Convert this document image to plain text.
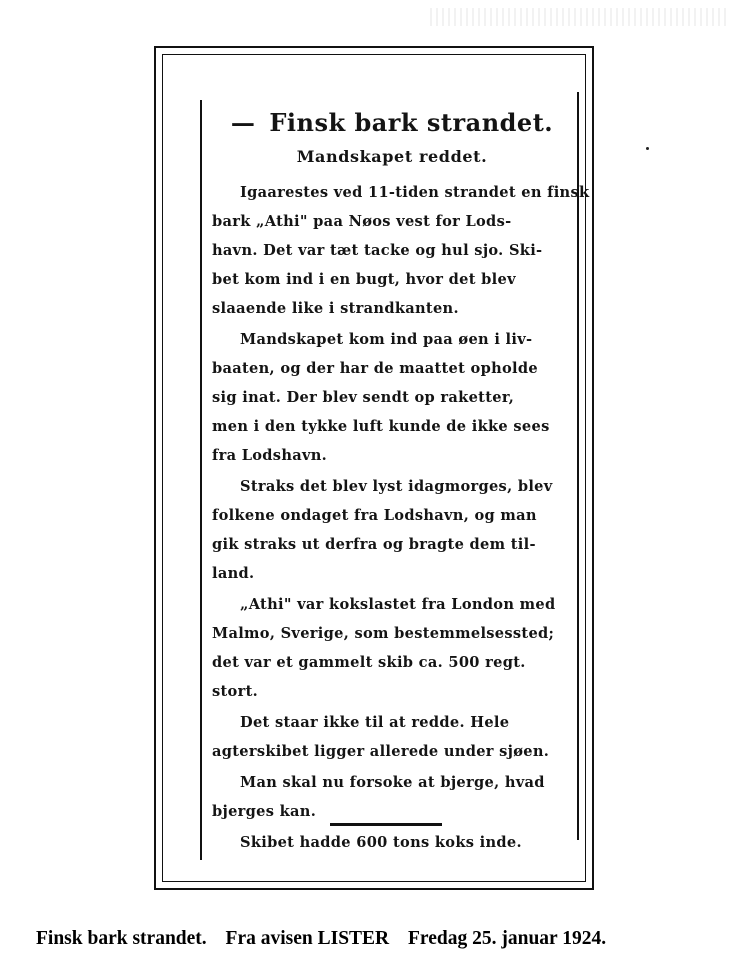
— Finsk bark strandet.
Mandskapet reddet.
Igaarestes ved 11-tiden strandet en finsk
bark „Athi" paa Nøos vest for Lods-
havn. Det var tæt tacke og hul sjo. Ski-
bet kom ind i en bugt, hvor det blev
slaaende like i strandkanten.
Mandskapet kom ind paa øen i liv-
baaten, og der har de maattet opholde
sig inat. Der blev sendt op raketter,
men i den tykke luft kunde de ikke sees
fra Lodshavn.
Straks det blev lyst idagmorges, blev
folkene ondaget fra Lodshavn, og man
gik straks ut derfra og bragte dem til-
land.
„Athi" var kokslastet fra London med
Malmo, Sverige, som bestemmelsessted;
det var et gammelt skib ca. 500 regt.
stort.
Det staar ikke til at redde. Hele
agterskibet ligger allerede under sjøen.
Man skal nu forsoke at bjerge, hvad
bjerges kan.
Skibet hadde 600 tons koks inde.
Finsk bark strandet. Fra avisen LISTER Fredag 25. januar 1924.
